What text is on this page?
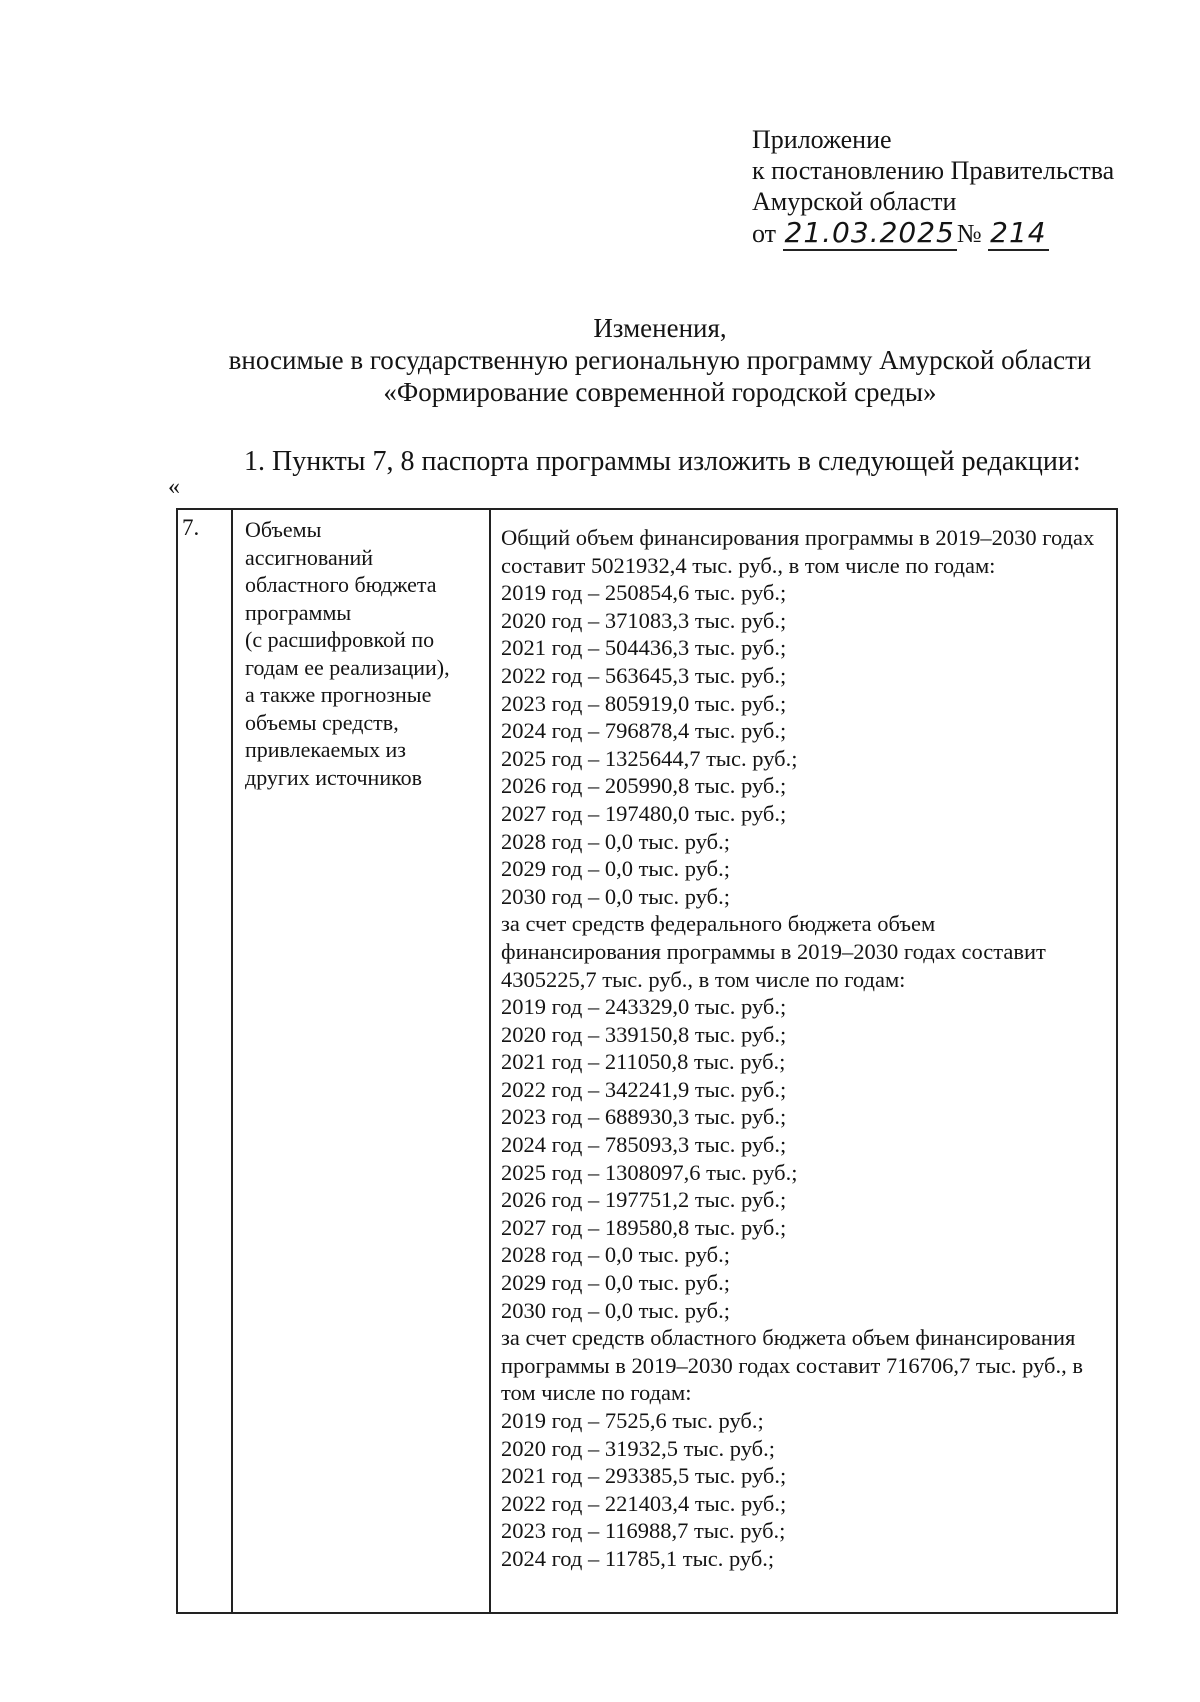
Приложение
к постановлению Правительства
Амурской области
от 21.03.2025№ 214
Изменения,
вносимые в государственную региональную программу Амурской области
«Формирование современной городской среды»
1. Пункты 7, 8 паспорта программы изложить в следующей редакции:
«
7.	Объемы
ассигнований
областного бюджета
программы
(с расшифровкой по
годам ее реализации),
а также прогнозные
объемы средств,
привлекаемых из
других источников
Общий объем финансирования программы в 2019–2030 годах
составит 5021932,4 тыс. руб., в том числе по годам:
2019 год – 250854,6 тыс. руб.;
2020 год – 371083,3 тыс. руб.;
2021 год – 504436,3 тыс. руб.;
2022 год – 563645,3 тыс. руб.;
2023 год – 805919,0 тыс. руб.;
2024 год – 796878,4 тыс. руб.;
2025 год – 1325644,7 тыс. руб.;
2026 год – 205990,8 тыс. руб.;
2027 год – 197480,0 тыс. руб.;
2028 год – 0,0 тыс. руб.;
2029 год – 0,0 тыс. руб.;
2030 год – 0,0 тыс. руб.;
за счет средств федерального бюджета объем
финансирования программы в 2019–2030 годах составит
4305225,7 тыс. руб., в том числе по годам:
2019 год – 243329,0 тыс. руб.;
2020 год – 339150,8 тыс. руб.;
2021 год – 211050,8 тыс. руб.;
2022 год – 342241,9 тыс. руб.;
2023 год – 688930,3 тыс. руб.;
2024 год – 785093,3 тыс. руб.;
2025 год – 1308097,6 тыс. руб.;
2026 год – 197751,2 тыс. руб.;
2027 год – 189580,8 тыс. руб.;
2028 год – 0,0 тыс. руб.;
2029 год – 0,0 тыс. руб.;
2030 год – 0,0 тыс. руб.;
за счет средств областного бюджета объем финансирования
программы в 2019–2030 годах составит 716706,7 тыс. руб., в
том числе по годам:
2019 год – 7525,6 тыс. руб.;
2020 год – 31932,5 тыс. руб.;
2021 год – 293385,5 тыс. руб.;
2022 год – 221403,4 тыс. руб.;
2023 год – 116988,7 тыс. руб.;
2024 год – 11785,1 тыс. руб.;
